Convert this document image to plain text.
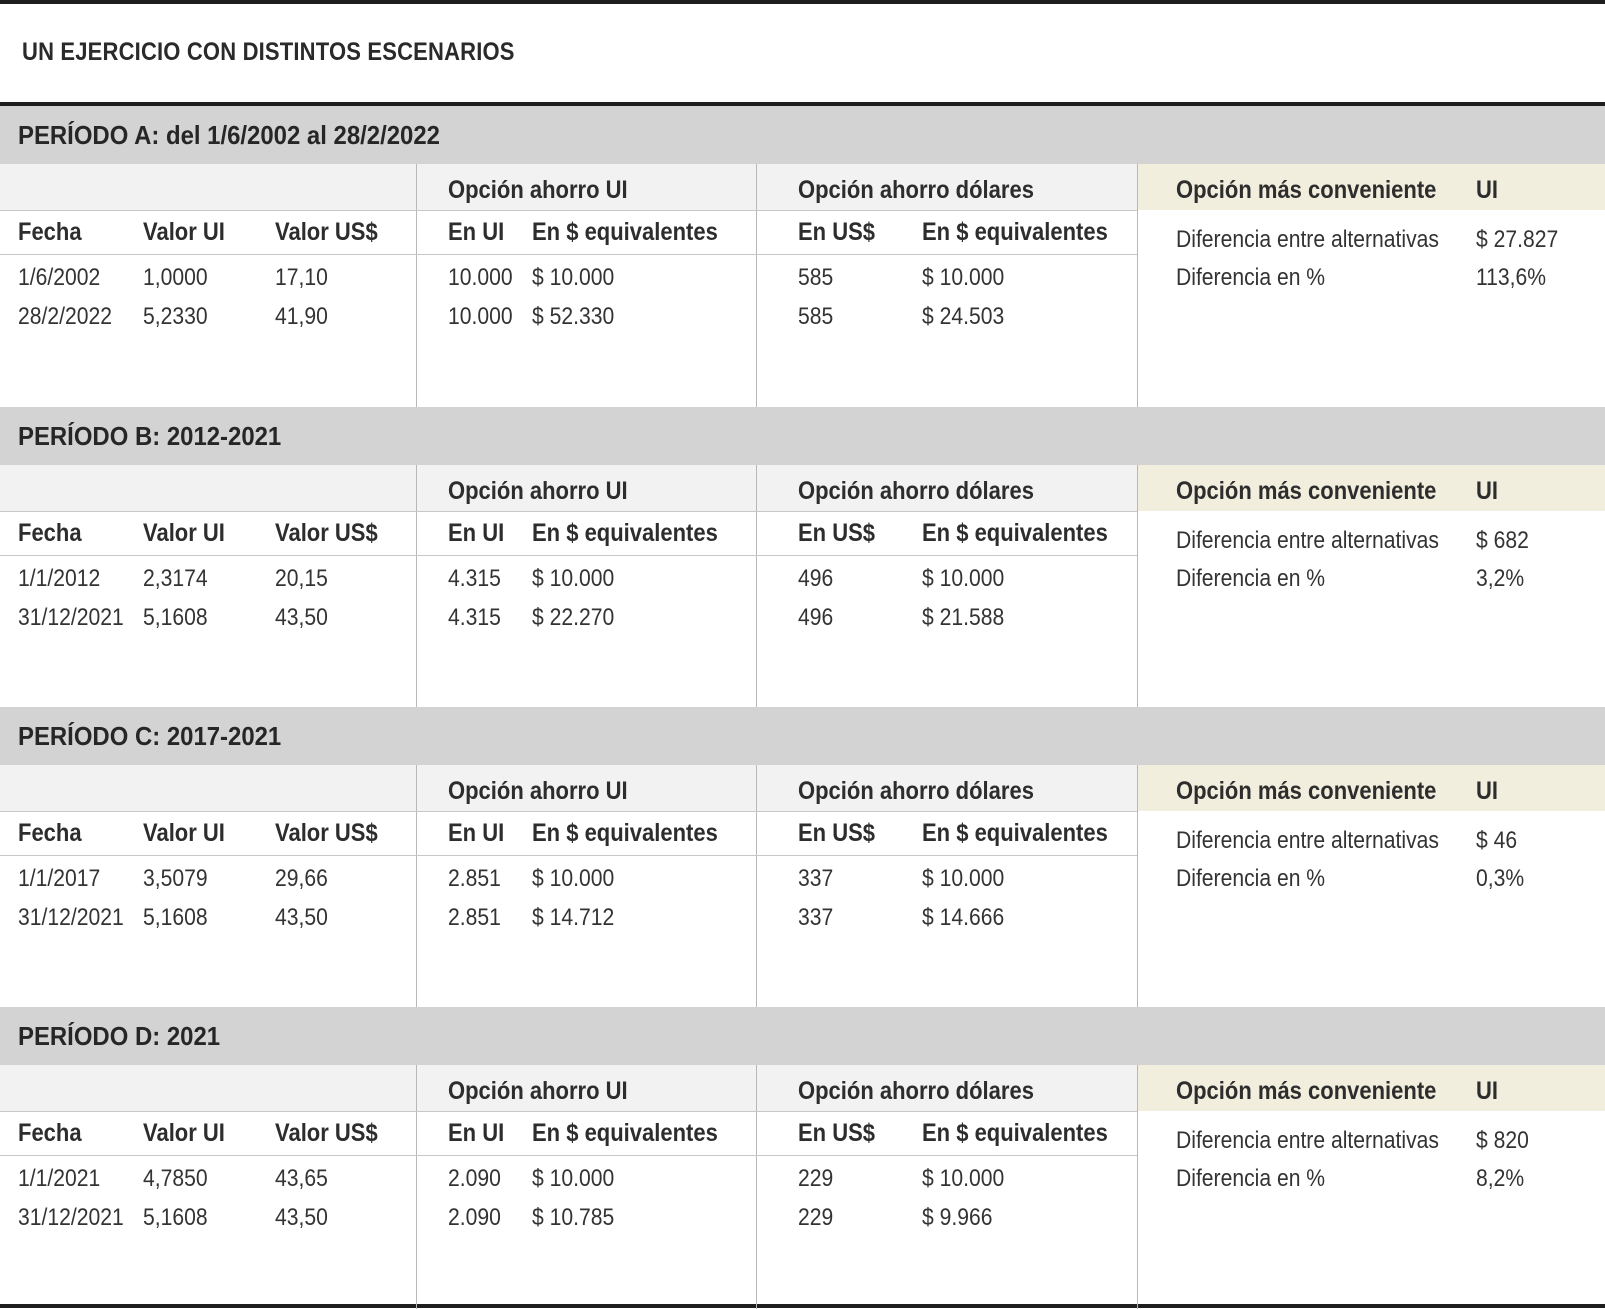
UN EJERCICIO CON DISTINTOS ESCENARIOS
PERÍODO A: del 1/6/2002 al 28/2/2022
Opción ahorro UI	Opción ahorro dólares	Opción más conveniente UI
Fecha Valor UI Valor US$	En UI En $ equivalentes	En US$ En $ equivalentes
1/6/2002 1,0000	17,10	10.000 $ 10.000	585	$ 10.000
28/2/2022 5,2330	41,90	10.000 $ 52.330	585	$ 24.503
Diferencia entre alternativas $ 27.827
Diferencia en %	113,6%
PERÍODO B: 2012-2021
Opción ahorro UI	Opción ahorro dólares	Opción más conveniente UI
Fecha Valor UI Valor US$	En UI En $ equivalentes	En US$ En $ equivalentes
1/1/2012 2,3174	20,15	4.315 $ 10.000	496	$ 10.000
31/12/2021 5,1608	43,50	4.315 $ 22.270	496	$ 21.588
Diferencia entre alternativas $ 682
Diferencia en %	3,2%
PERÍODO C: 2017-2021
Opción ahorro UI	Opción ahorro dólares	Opción más conveniente UI
Fecha Valor UI Valor US$	En UI En $ equivalentes	En US$ En $ equivalentes
1/1/2017 3,5079	29,66	2.851 $ 10.000	337	$ 10.000
31/12/2021 5,1608	43,50	2.851 $ 14.712	337	$ 14.666
Diferencia entre alternativas $ 46
Diferencia en %	0,3%
PERÍODO D: 2021
Opción ahorro UI	Opción ahorro dólares	Opción más conveniente UI
Fecha Valor UI Valor US$	En UI En $ equivalentes	En US$ En $ equivalentes
1/1/2021 4,7850	43,65	2.090 $ 10.000	229	$ 10.000
31/12/2021 5,1608	43,50	2.090 $ 10.785	229	$ 9.966
Diferencia entre alternativas $ 820
Diferencia en %	8,2%
